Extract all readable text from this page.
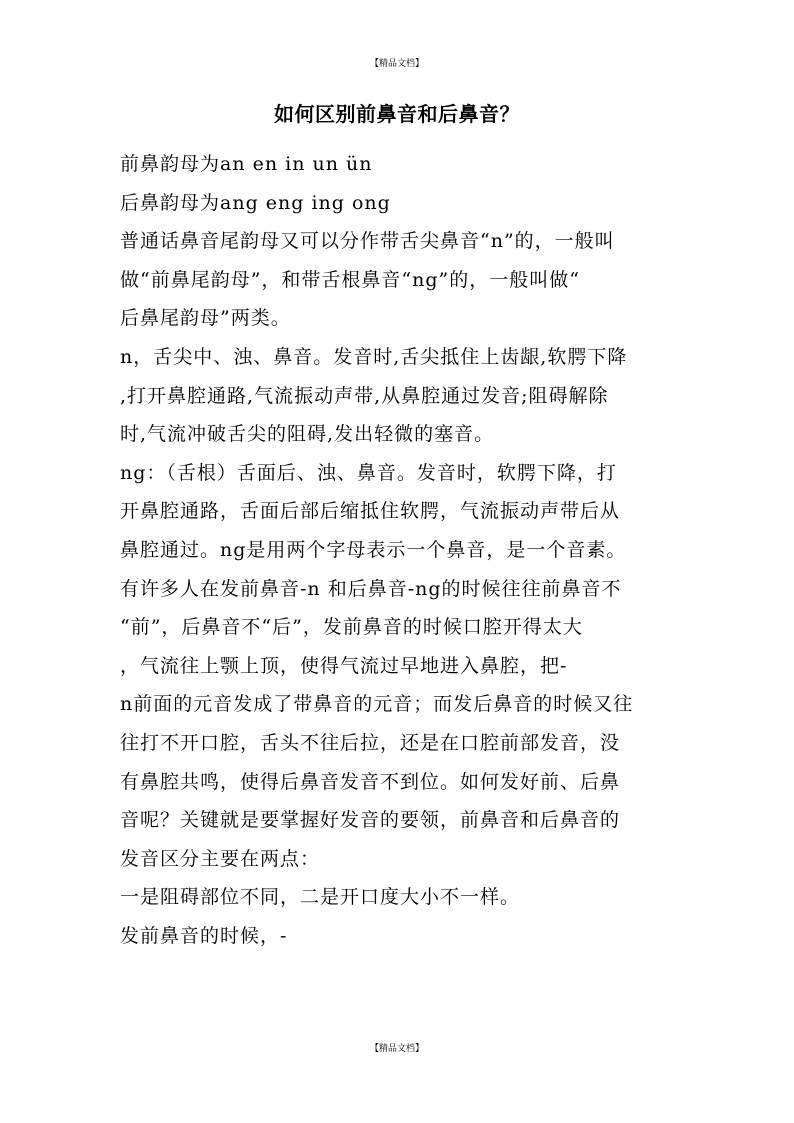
【精品文档】
如何区别前鼻音和后鼻音？
前鼻韵母为an en in un ün
后鼻韵母为ang eng ing ong
普通话鼻音尾韵母又可以分作带舌尖鼻音“n”的，一般叫
做“前鼻尾韵母”，和带舌根鼻音“ng”的，一般叫做“
后鼻尾韵母”两类。
n，舌尖中、浊、鼻音。发音时,舌尖抵住上齿龈,软腭下降
,打开鼻腔通路,气流振动声带,从鼻腔通过发音;阻碍解除
时,气流冲破舌尖的阻碍,发出轻微的塞音。
ng：（舌根）舌面后、浊、鼻音。发音时，软腭下降，打
开鼻腔通路，舌面后部后缩抵住软腭，气流振动声带后从
鼻腔通过。ng是用两个字母表示一个鼻音，是一个音素。
有许多人在发前鼻音-n 和后鼻音-ng的时候往往前鼻音不
“前”，后鼻音不“后”，发前鼻音的时候口腔开得太大
，气流往上颚上顶，使得气流过早地进入鼻腔，把-
n前面的元音发成了带鼻音的元音；而发后鼻音的时候又往
往打不开口腔，舌头不往后拉，还是在口腔前部发音，没
有鼻腔共鸣，使得后鼻音发音不到位。如何发好前、后鼻
音呢？关键就是要掌握好发音的要领，前鼻音和后鼻音的
发音区分主要在两点：
一是阻碍部位不同，二是开口度大小不一样。
发前鼻音的时候，-
【精品文档】
